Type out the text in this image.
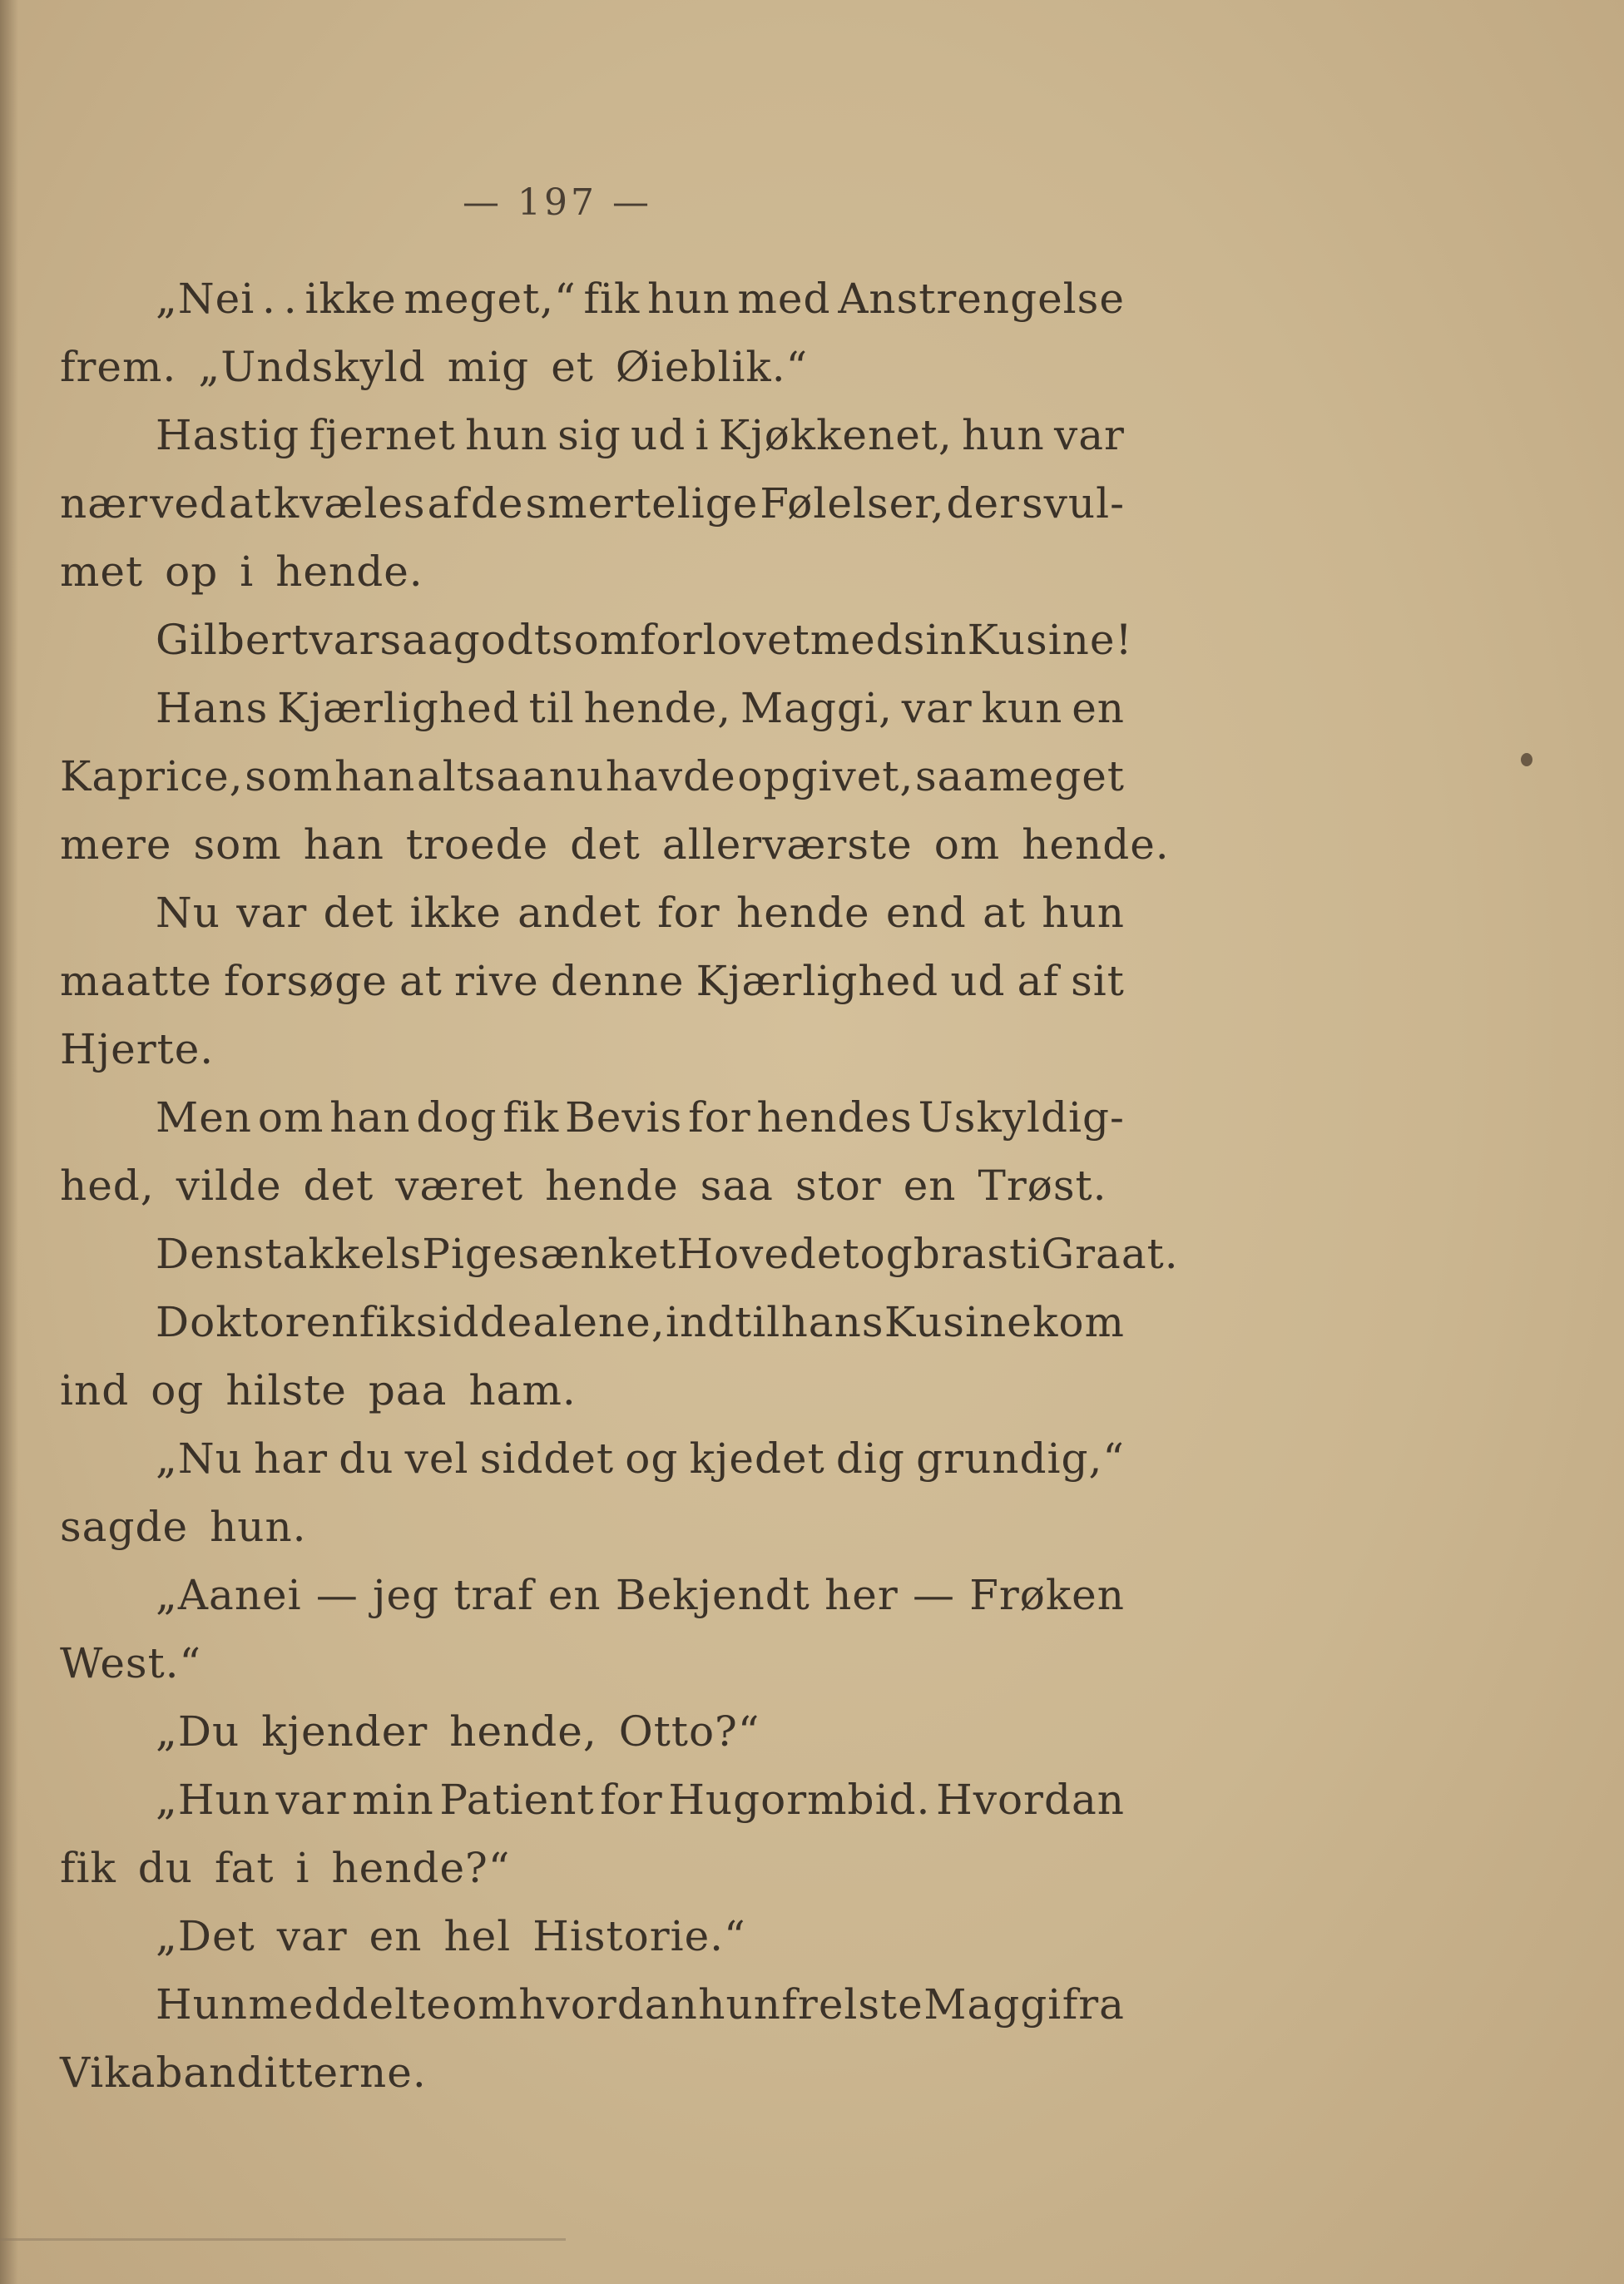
— 197 —
„Nei . . ikke meget,“ fik hun med Anstrengelse
frem. „Undskyld mig et Øieblik.“
Hastig fjernet hun sig ud i Kjøkkenet, hun var
nær ved at kvæles af de smertelige Følelser, der svul-
met op i hende.
Gilbert var saagodtsom forlovet med sin Kusine!
Hans Kjærlighed til hende, Maggi, var kun en
Kaprice, som han altsaa nu havde opgivet, saameget
mere som han troede det allerværste om hende.
Nu var det ikke andet for hende end at hun
maatte forsøge at rive denne Kjærlighed ud af sit
Hjerte.
Men om han dog fik Bevis for hendes Uskyldig-
hed, vilde det været hende saa stor en Trøst.
Den stakkels Pige sænket Hovedet og brast i Graat.
Doktoren fik sidde alene, indtil hans Kusine kom
ind og hilste paa ham.
„Nu har du vel siddet og kjedet dig grundig,“
sagde hun.
„Aanei — jeg traf en Bekjendt her — Frøken
West.“
„Du kjender hende, Otto?“
„Hun var min Patient for Hugormbid. Hvordan
fik du fat i hende?“
„Det var en hel Historie.“
Hun meddelte om hvordan hun frelste Maggi fra
Vikabanditterne.
